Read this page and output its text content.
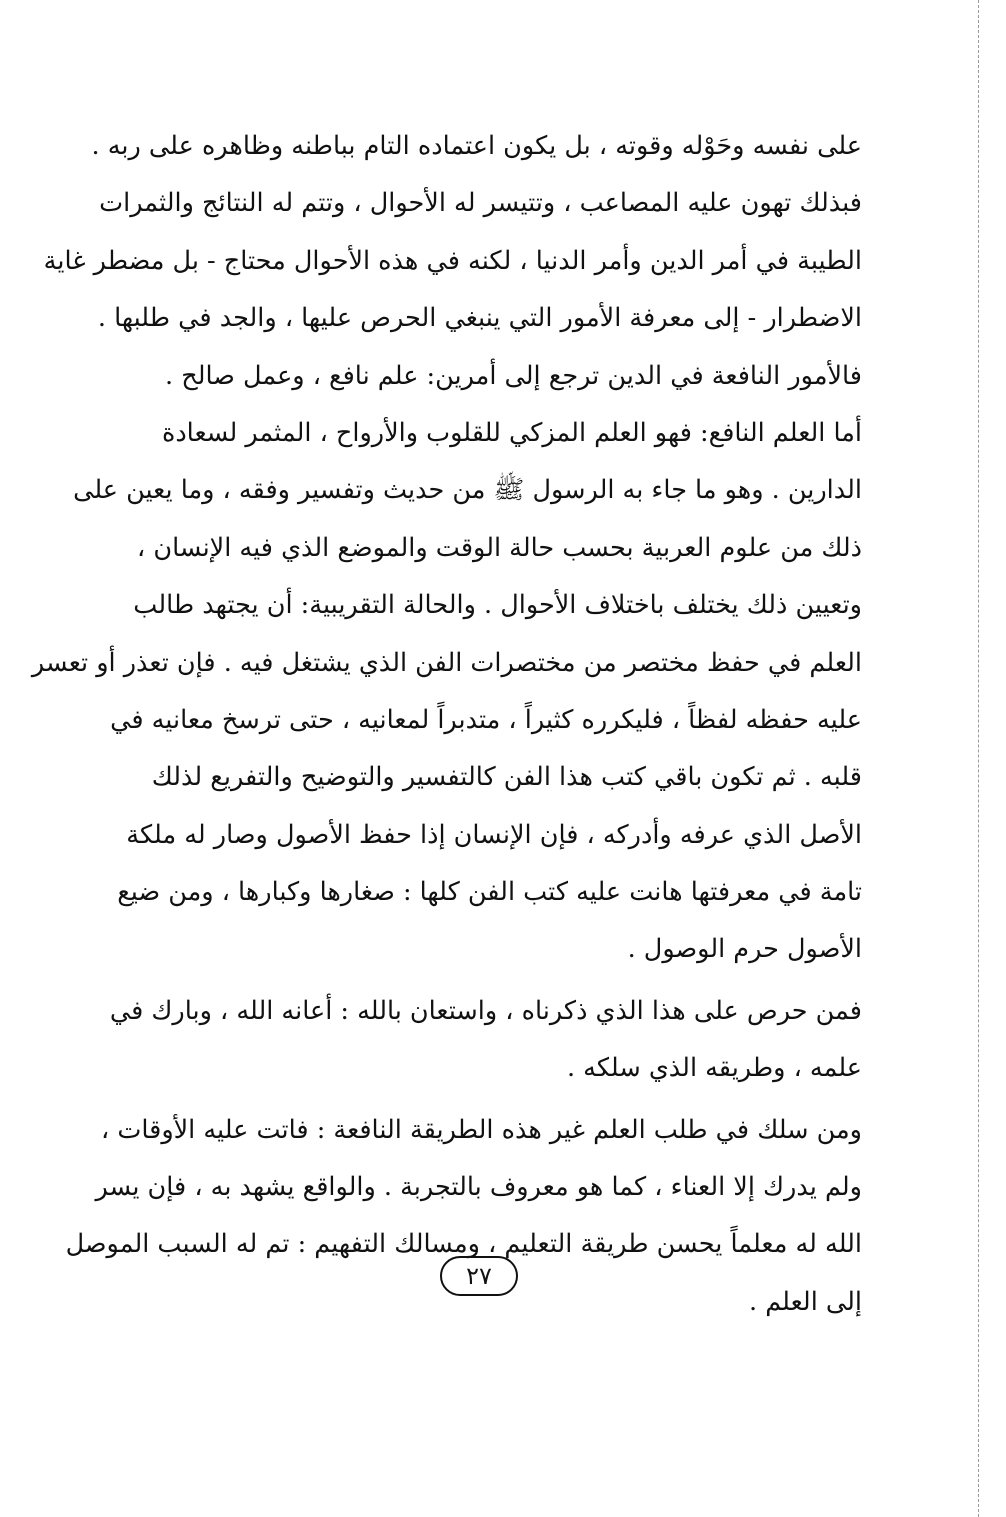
على نفسه وحَوْله وقوته ، بل يكون اعتماده التام بباطنه وظاهره على ربه .
فبذلك تهون عليه المصاعب ، وتتيسر له الأحوال ، وتتم له النتائج والثمرات
الطيبة في أمر الدين وأمر الدنيا ، لكنه في هذه الأحوال محتاج - بل مضطر غاية
الاضطرار - إلى معرفة الأمور التي ينبغي الحرص عليها ، والجد في طلبها .
فالأمور النافعة في الدين ترجع إلى أمرين: علم نافع ، وعمل صالح .
أما العلم النافع: فهو العلم المزكي للقلوب والأرواح ، المثمر لسعادة
الدارين . وهو ما جاء به الرسول ﷺ من حديث وتفسير وفقه ، وما يعين على
ذلك من علوم العربية بحسب حالة الوقت والموضع الذي فيه الإنسان ،
وتعيين ذلك يختلف باختلاف الأحوال . والحالة التقريبية: أن يجتهد طالب
العلم في حفظ مختصر من مختصرات الفن الذي يشتغل فيه . فإن تعذر أو تعسر
عليه حفظه لفظاً ، فليكرره كثيراً ، متدبراً لمعانيه ، حتى ترسخ معانيه في
قلبه . ثم تكون باقي كتب هذا الفن كالتفسير والتوضيح والتفريع لذلك
الأصل الذي عرفه وأدركه ، فإن الإنسان إذا حفظ الأصول وصار له ملكة
تامة في معرفتها هانت عليه كتب الفن كلها : صغارها وكبارها ، ومن ضيع
الأصول حرم الوصول .
فمن حرص على هذا الذي ذكرناه ، واستعان بالله : أعانه الله ، وبارك في
علمه ، وطريقه الذي سلكه .
ومن سلك في طلب العلم غير هذه الطريقة النافعة : فاتت عليه الأوقات ،
ولم يدرك إلا العناء ، كما هو معروف بالتجربة . والواقع يشهد به ، فإن يسر
الله له معلماً يحسن طريقة التعليم ، ومسالك التفهيم : تم له السبب الموصل
إلى العلم .
٢٧
